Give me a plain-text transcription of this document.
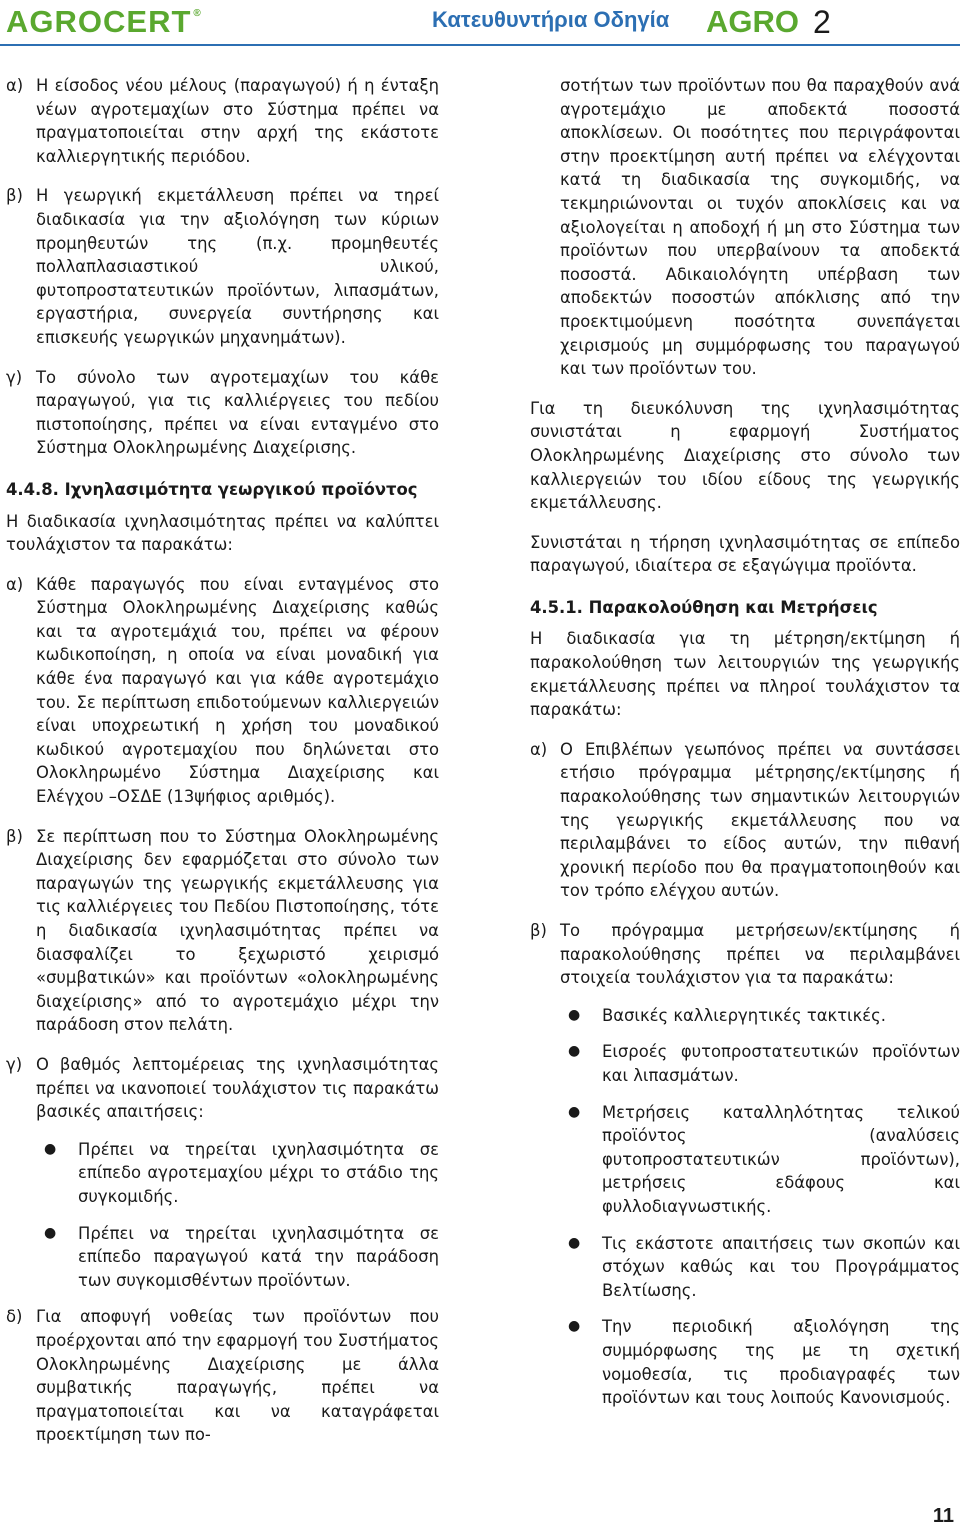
AGROCERT ®	Κατευθυντήρια Οδηγία AGRO 2
α) Η είσοδος νέου μέλους (παραγωγού) ή η ένταξη νέων αγροτεμαχίων στο Σύστημα πρέπει να πραγματοποιείται στην αρχή της εκάστοτε καλλιεργητικής περιόδου.
β) Η γεωργική εκμετάλλευση πρέπει να τηρεί διαδικασία για την αξιολόγηση των κύριων προμηθευτών της (π.χ. προμηθευτές πολλαπλασιαστικού υλικού, φυτοπροστατευτικών προϊόντων, λιπασμάτων, εργαστήρια, συνεργεία συντήρησης και επισκευής γεωργικών μηχανημάτων).
γ) Το σύνολο των αγροτεμαχίων του κάθε παραγωγού, για τις καλλιέργειες του πεδίου πιστοποίησης, πρέπει να είναι ενταγμένο στο Σύστημα Ολοκληρωμένης Διαχείρισης.
4.4.8. Ιχνηλασιμότητα γεωργικού προϊόντος
Η διαδικασία ιχνηλασιμότητας πρέπει να καλύπτει τουλάχιστον τα παρακάτω:
α) Κάθε παραγωγός που είναι ενταγμένος στο Σύστημα Ολοκληρωμένης Διαχείρισης καθώς και τα αγροτεμάχιά του, πρέπει να φέρουν κωδικοποίηση, η οποία να είναι μοναδική για κάθε ένα παραγωγό και για κάθε αγροτεμάχιο του. Σε περίπτωση επιδοτούμενων καλλιεργειών είναι υποχρεωτική η χρήση του μοναδικού κωδικού αγροτεμαχίου που δηλώνεται στο Ολοκληρωμένο Σύστημα Διαχείρισης και Ελέγχου –ΟΣΔΕ (13ψήφιος αριθμός).
β) Σε περίπτωση που το Σύστημα Ολοκληρωμένης Διαχείρισης δεν εφαρμόζεται στο σύνολο των παραγωγών της γεωργικής εκμετάλλευσης για τις καλλιέργειες του Πεδίου Πιστοποίησης, τότε η διαδικασία ιχνηλασιμότητας πρέπει να διασφαλίζει το ξεχωριστό χειρισμό «συμβατικών» και προϊόντων «ολοκληρωμένης διαχείρισης» από το αγροτεμάχιο μέχρι την παράδοση στον πελάτη.
γ) Ο βαθμός λεπτομέρειας της ιχνηλασιμότητας πρέπει να ικανοποιεί τουλάχιστον τις παρακάτω βασικές απαιτήσεις:
●	Πρέπει να τηρείται ιχνηλασιμότητα σε επίπεδο αγροτεμαχίου μέχρι το στάδιο της συγκομιδής.
●	Πρέπει να τηρείται ιχνηλασιμότητα σε επίπεδο παραγωγού κατά την παράδοση των συγκομισθέντων προϊόντων.
δ) Για αποφυγή νοθείας των προϊόντων που προέρχονται από την εφαρμογή του Συστήματος Ολοκληρωμένης Διαχείρισης με άλλα συμβατικής παραγωγής, πρέπει να πραγματοποιείται και να καταγράφεται προεκτίμηση των πο-
σοτήτων των προϊόντων που θα παραχθούν ανά αγροτεμάχιο με αποδεκτά ποσοστά αποκλίσεων. Οι ποσότητες που περιγράφονται στην προεκτίμηση αυτή πρέπει να ελέγχονται κατά τη διαδικασία της συγκομιδής, να τεκμηριώνονται οι τυχόν αποκλίσεις και να αξιολογείται η αποδοχή ή μη στο Σύστημα των προϊόντων που υπερβαίνουν τα αποδεκτά ποσοστά. Αδικαιολόγητη υπέρβαση των αποδεκτών ποσοστών απόκλισης από την προεκτιμούμενη ποσότητα συνεπάγεται χειρισμούς μη συμμόρφωσης του παραγωγού και των προϊόντων του.
Για τη διευκόλυνση της ιχνηλασιμότητας συνιστάται η εφαρμογή Συστήματος Ολοκληρωμένης Διαχείρισης στο σύνολο των καλλιεργειών του ιδίου είδους της γεωργικής εκμετάλλευσης.
Συνιστάται η τήρηση ιχνηλασιμότητας σε επίπεδο παραγωγού, ιδιαίτερα σε εξαγώγιμα προϊόντα.
4.5.1. Παρακολούθηση και Μετρήσεις
Η διαδικασία για τη μέτρηση/εκτίμηση ή παρακολούθηση των λειτουργιών της γεωργικής εκμετάλλευσης πρέπει να πληροί τουλάχιστον τα παρακάτω:
α) Ο Επιβλέπων γεωπόνος πρέπει να συντάσσει ετήσιο πρόγραμμα μέτρησης/εκτίμησης ή παρακολούθησης των σημαντικών λειτουργιών της γεωργικής εκμετάλλευσης που να περιλαμβάνει το είδος αυτών, την πιθανή χρονική περίοδο που θα πραγματοποιηθούν και τον τρόπο ελέγχου αυτών.
β) Το πρόγραμμα μετρήσεων/εκτίμησης ή παρακολούθησης πρέπει να περιλαμβάνει στοιχεία τουλάχιστον για τα παρακάτω:
●	Βασικές καλλιεργητικές τακτικές.
●	Εισροές φυτοπροστατευτικών προϊόντων και λιπασμάτων.
●	Μετρήσεις καταλληλότητας τελικού προϊόντος (αναλύσεις φυτοπροστατευτικών προϊόντων), μετρήσεις εδάφους και φυλλοδιαγνωστικής.
●	Τις εκάστοτε απαιτήσεις των σκοπών και στόχων καθώς και του Προγράμματος Βελτίωσης.
●	Την περιοδική αξιολόγηση της συμμόρφωσης της με τη σχετική νομοθεσία, τις προδιαγραφές των προϊόντων και τους λοιπούς Κανονισμούς.
11
